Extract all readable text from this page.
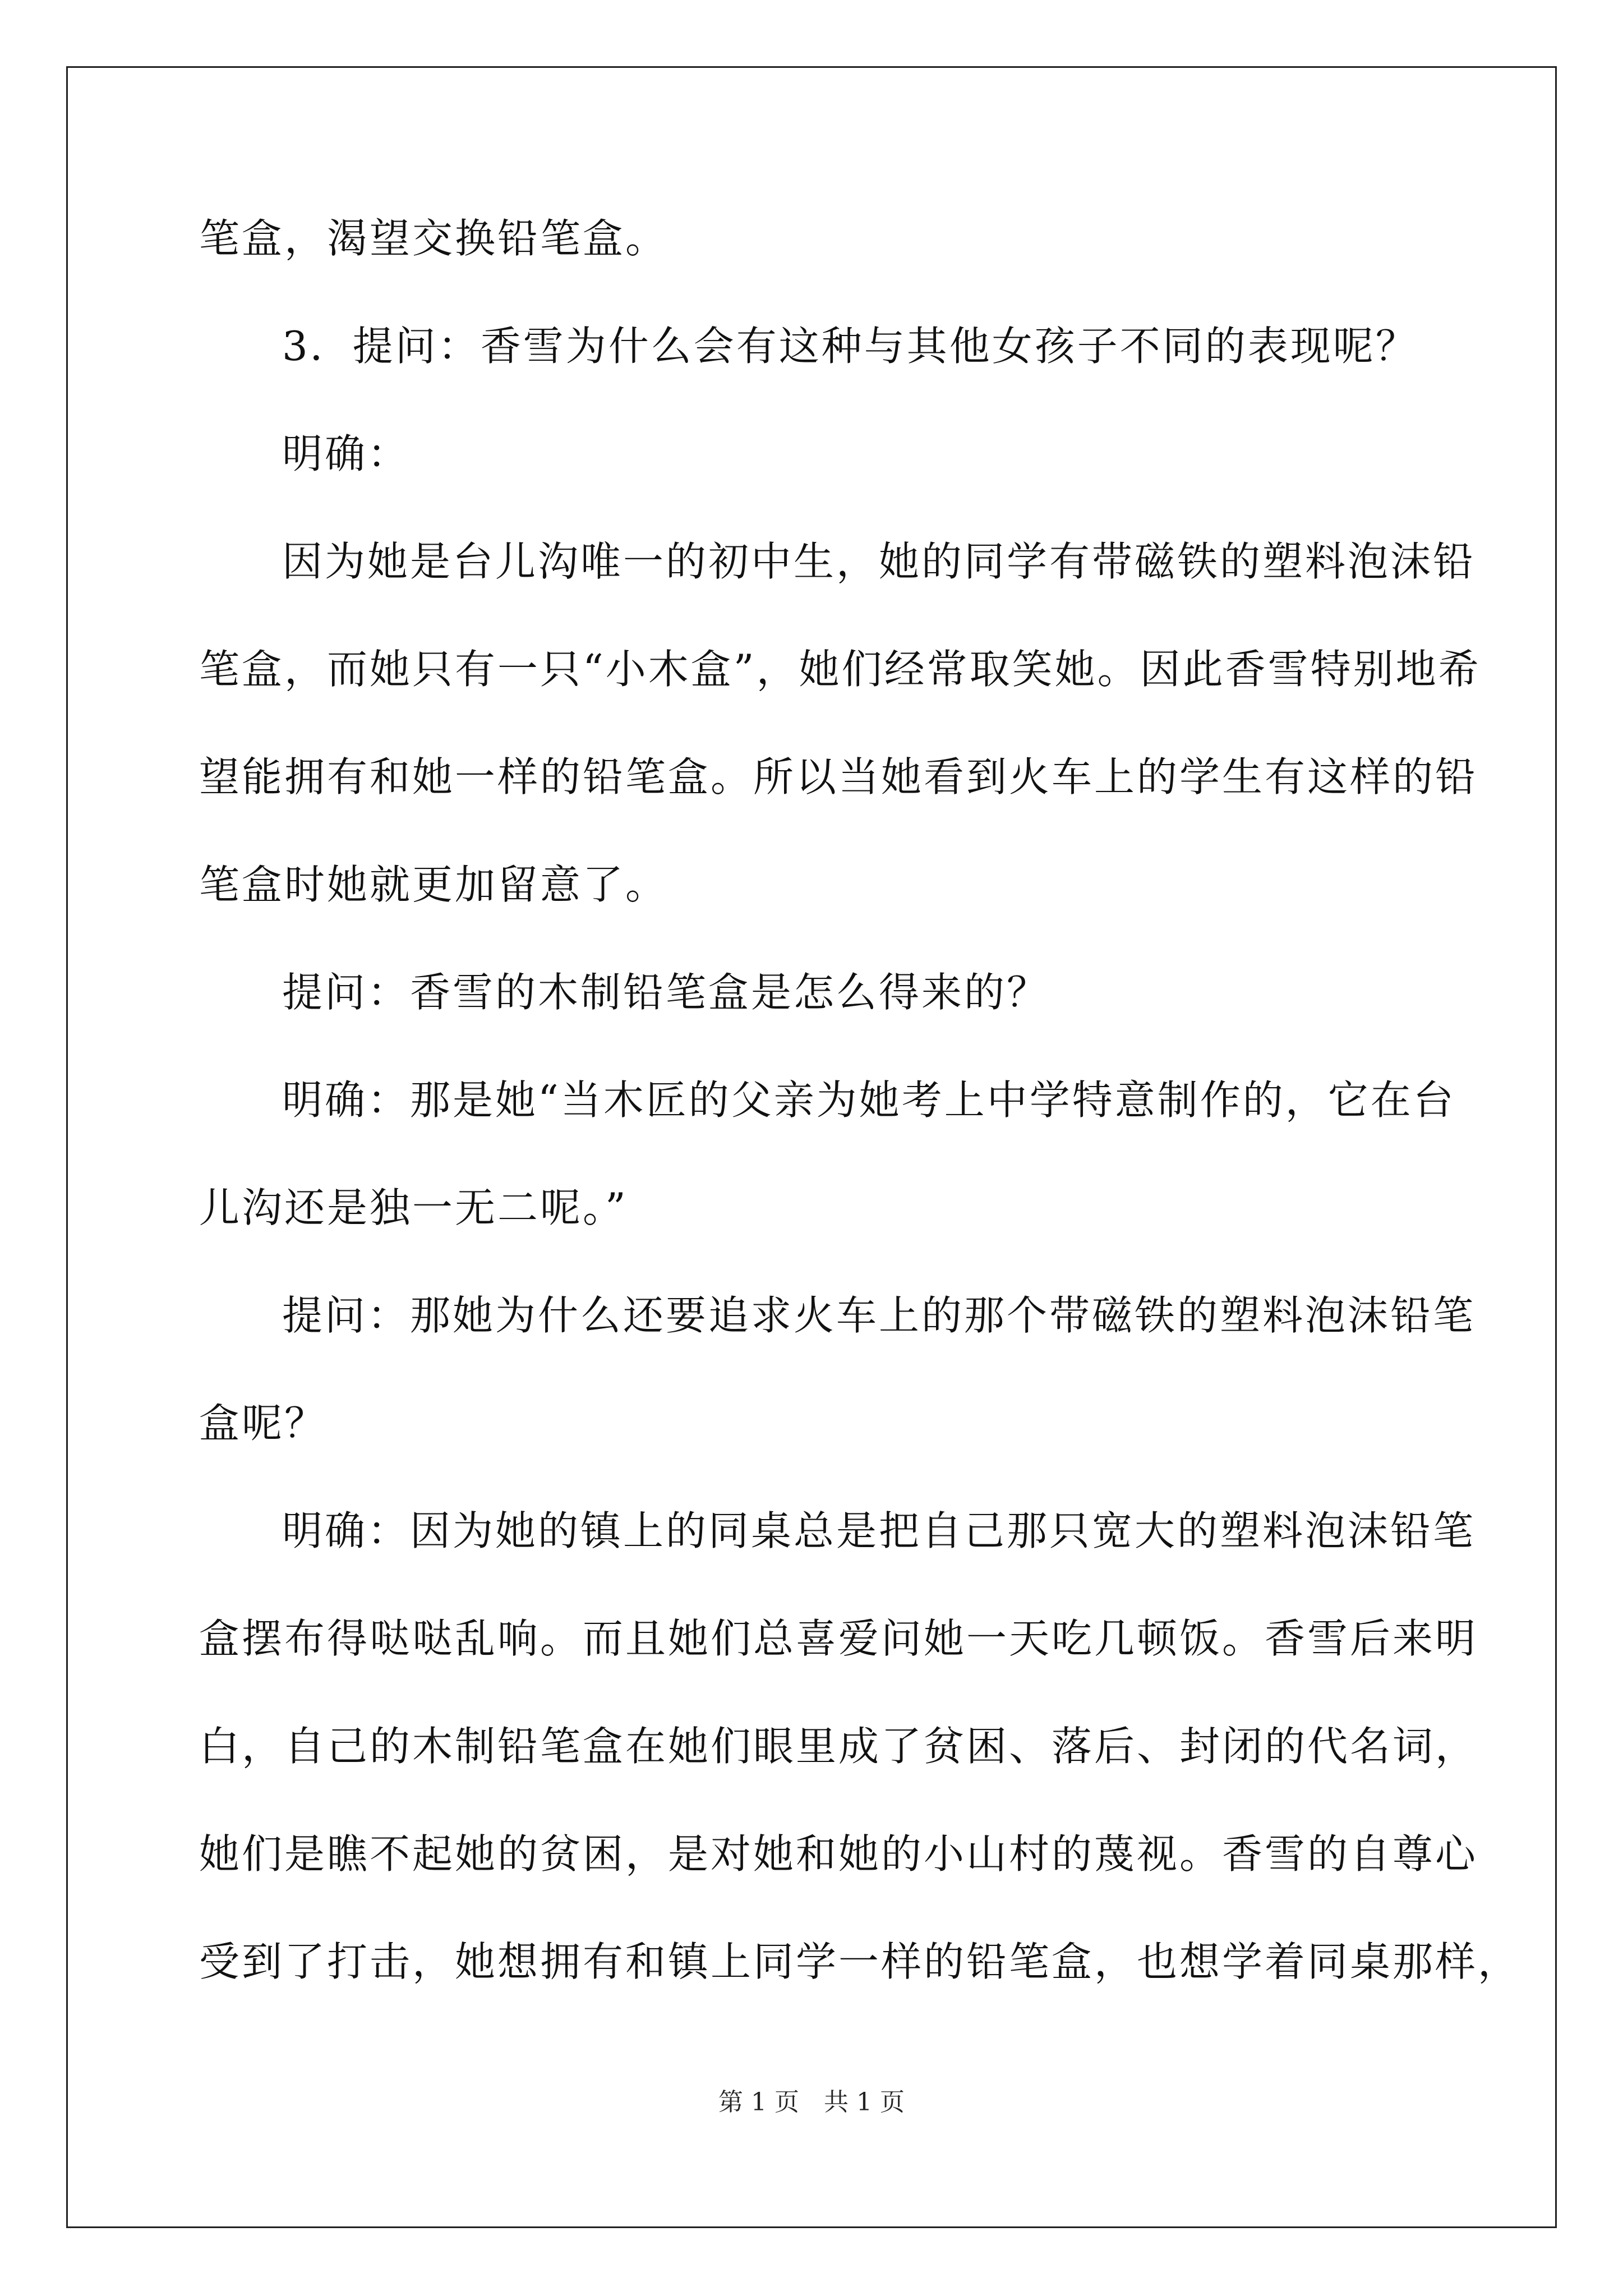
笔盒，渴望交换铅笔盒。
3．提问：香雪为什么会有这种与其他女孩子不同的表现呢？
明确：
因为她是台儿沟唯一的初中生，她的同学有带磁铁的塑料泡沫铅
笔盒，而她只有一只“小木盒”，她们经常取笑她。因此香雪特别地希
望能拥有和她一样的铅笔盒。所以当她看到火车上的学生有这样的铅
笔盒时她就更加留意了。
提问：香雪的木制铅笔盒是怎么得来的？
明确：那是她“当木匠的父亲为她考上中学特意制作的，它在台
儿沟还是独一无二呢。”
提问：那她为什么还要追求火车上的那个带磁铁的塑料泡沫铅笔
盒呢？
明确：因为她的镇上的同桌总是把自己那只宽大的塑料泡沫铅笔
盒摆布得哒哒乱响。而且她们总喜爱问她一天吃几顿饭。香雪后来明
白，自己的木制铅笔盒在她们眼里成了贫困、落后、封闭的代名词，
她们是瞧不起她的贫困，是对她和她的小山村的蔑视。香雪的自尊心
受到了打击，她想拥有和镇上同学一样的铅笔盒，也想学着同桌那样，
第 1 页　共 1 页
